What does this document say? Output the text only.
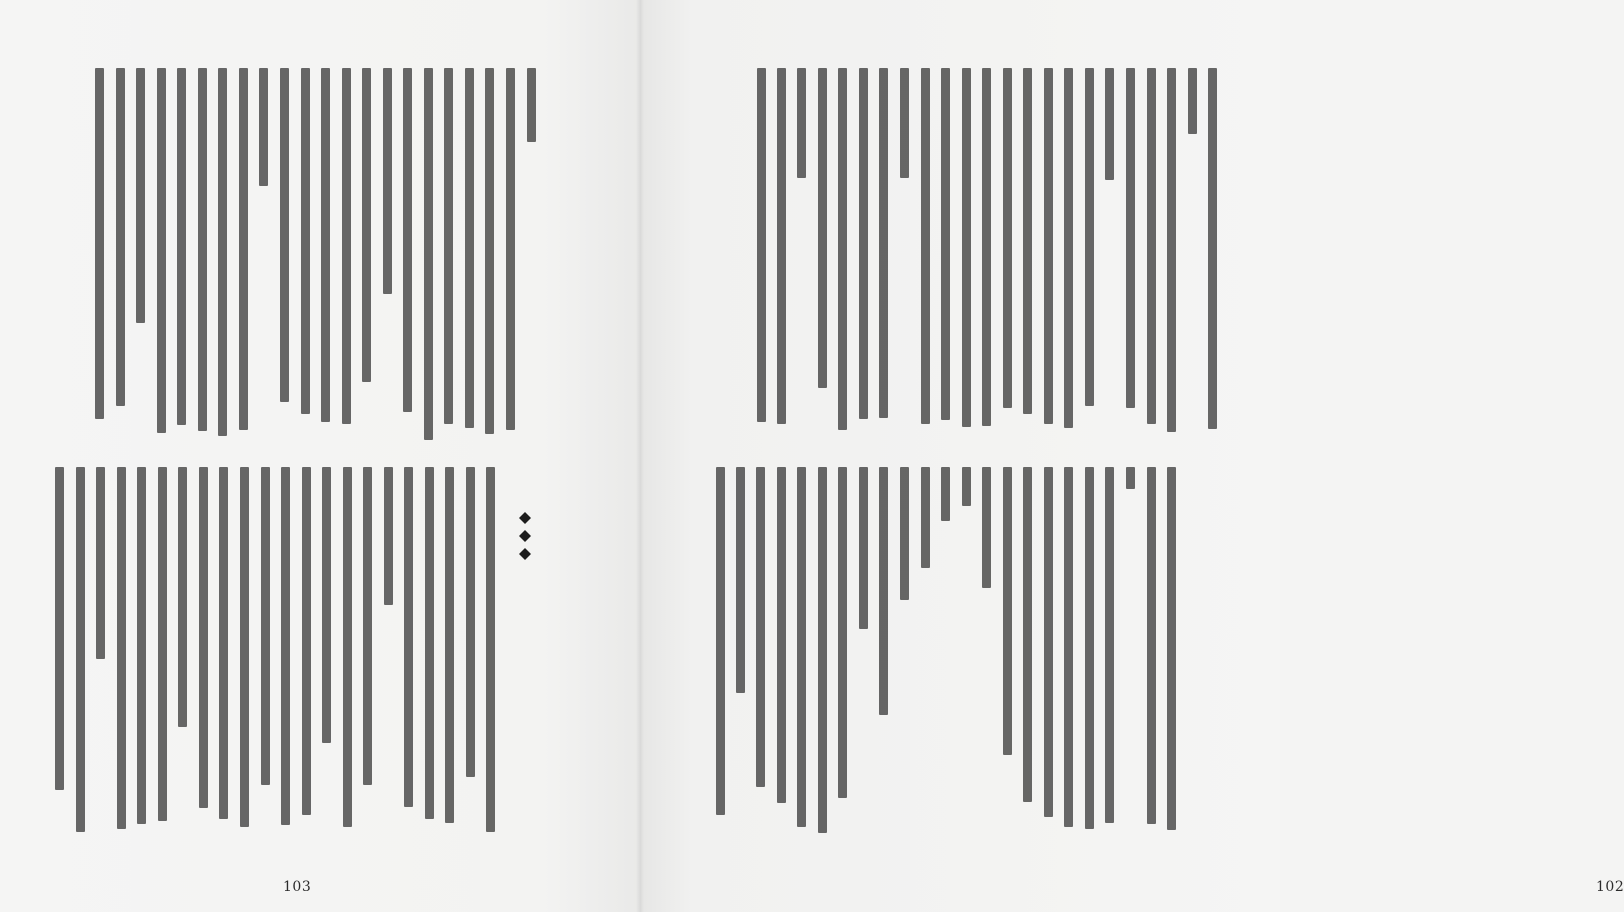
103	102
